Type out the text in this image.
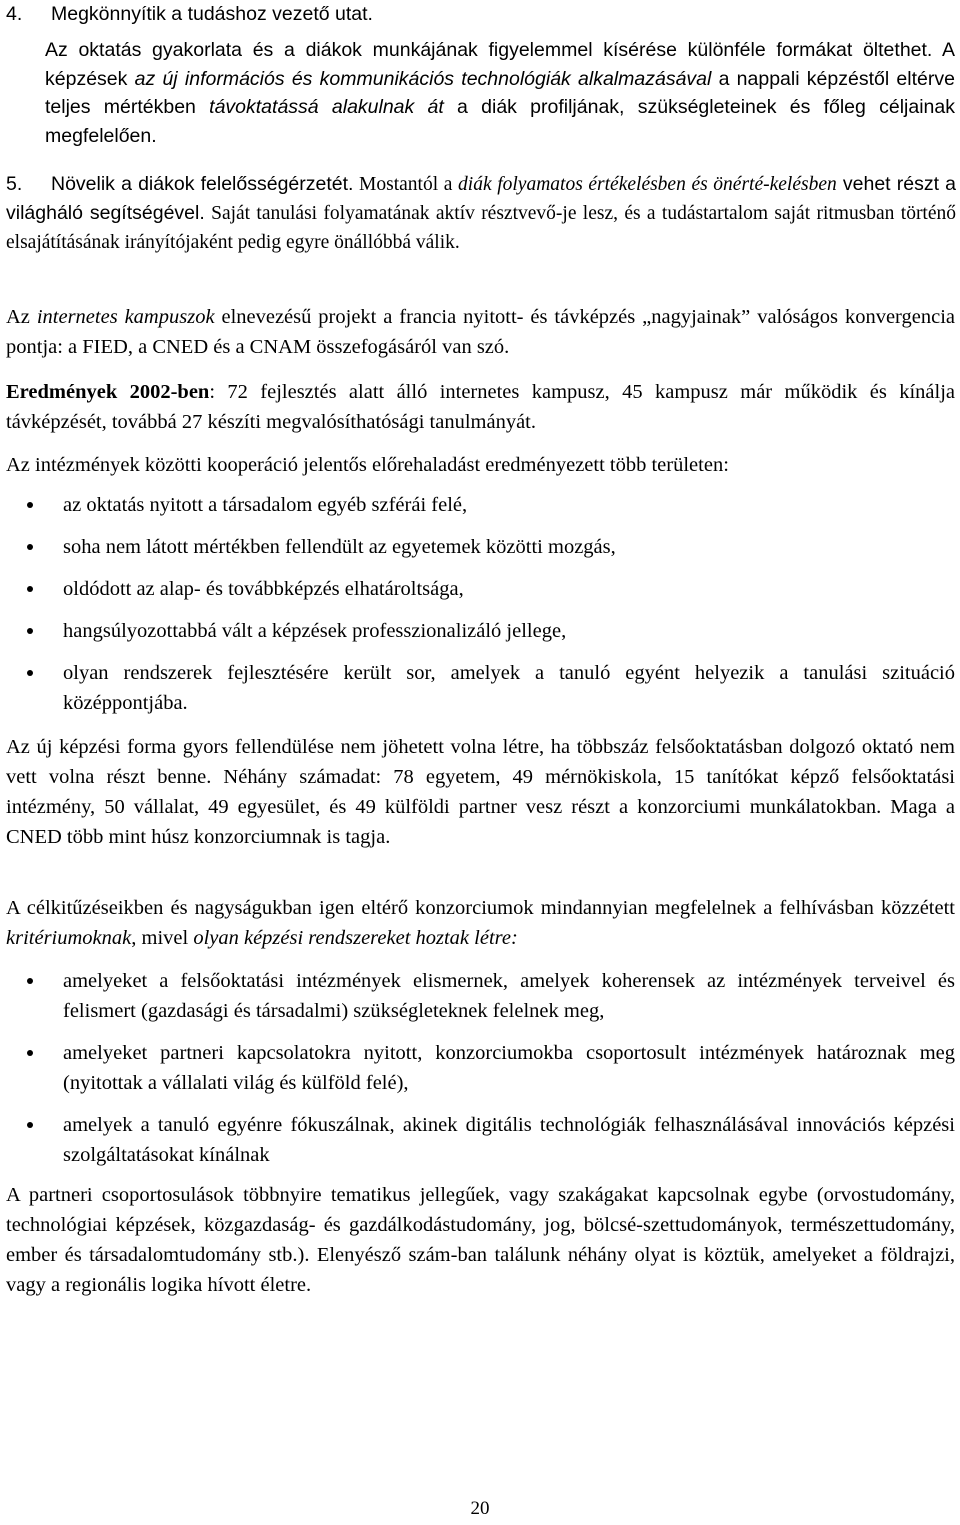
4. Megkönnyítik a tudáshoz vezető utat.
Az oktatás gyakorlata és a diákok munkájának figyelemmel kísérése különféle formákat öltethet. A képzések az új információs és kommunikációs technológiák alkalmazásával a nappali képzéstől eltérve teljes mértékben távoktatássá alakulnak át a diák profiljának, szükségleteinek és főleg céljainak megfelelően.
5. Növelik a diákok felelősségérzetét. Mostantól a diák folyamatos értékelésben és önérté-kelésben vehet részt a világháló segítségével. Saját tanulási folyamatának aktív résztvevő-je lesz, és a tudástartalom saját ritmusban történő elsajátításának irányítójaként pedig egyre önállóbbá válik.
Az internetes kampuszok elnevezésű projekt a francia nyitott- és távképzés „nagyjainak” valóságos konvergencia pontja: a FIED, a CNED és a CNAM összefogásáról van szó.
Eredmények 2002-ben: 72 fejlesztés alatt álló internetes kampusz, 45 kampusz már működik és kínálja távképzését, továbbá 27 készíti megvalósíthatósági tanulmányát.
Az intézmények közötti kooperáció jelentős előrehaladást eredményezett több területen:
az oktatás nyitott a társadalom egyéb szférái felé,
soha nem látott mértékben fellendült az egyetemek közötti mozgás,
oldódott az alap- és továbbképzés elhatároltsága,
hangsúlyozottabbá vált a képzések professzionalizáló jellege,
olyan rendszerek fejlesztésére került sor, amelyek a tanuló egyént helyezik a tanulási szituáció középpontjába.
Az új képzési forma gyors fellendülése nem jöhetett volna létre, ha többszáz felsőoktatásban dolgozó oktató nem vett volna részt benne. Néhány számadat: 78 egyetem, 49 mérnökiskola, 15 tanítókat képző felsőoktatási intézmény, 50 vállalat, 49 egyesület, és 49 külföldi partner vesz részt a konzorciumi munkálatokban. Maga a CNED több mint húsz konzorciumnak is tagja.
A célkitűzéseikben és nagyságukban igen eltérő konzorciumok mindannyian megfelelnek a felhívásban közzétett kritériumoknak, mivel olyan képzési rendszereket hoztak létre:
amelyeket a felsőoktatási intézmények elismernek, amelyek koherensek az intézmények terveivel és felismert (gazdasági és társadalmi) szükségleteknek felelnek meg,
amelyeket partneri kapcsolatokra nyitott, konzorciumokba csoportosult intézmények határoznak meg (nyitottak a vállalati világ és külföld felé),
amelyek a tanuló egyénre fókuszálnak, akinek digitális technológiák felhasználásával innovációs képzési szolgáltatásokat kínálnak
A partneri csoportosulások többnyire tematikus jellegűek, vagy szakágakat kapcsolnak egybe (orvostudomány, technológiai képzések, közgazdaság- és gazdálkodástudomány, jog, bölcsé-szettudományok, természettudomány, ember és társadalomtudomány stb.). Elenyésző szám-ban találunk néhány olyat is köztük, amelyeket a földrajzi, vagy a regionális logika hívott életre.
20
